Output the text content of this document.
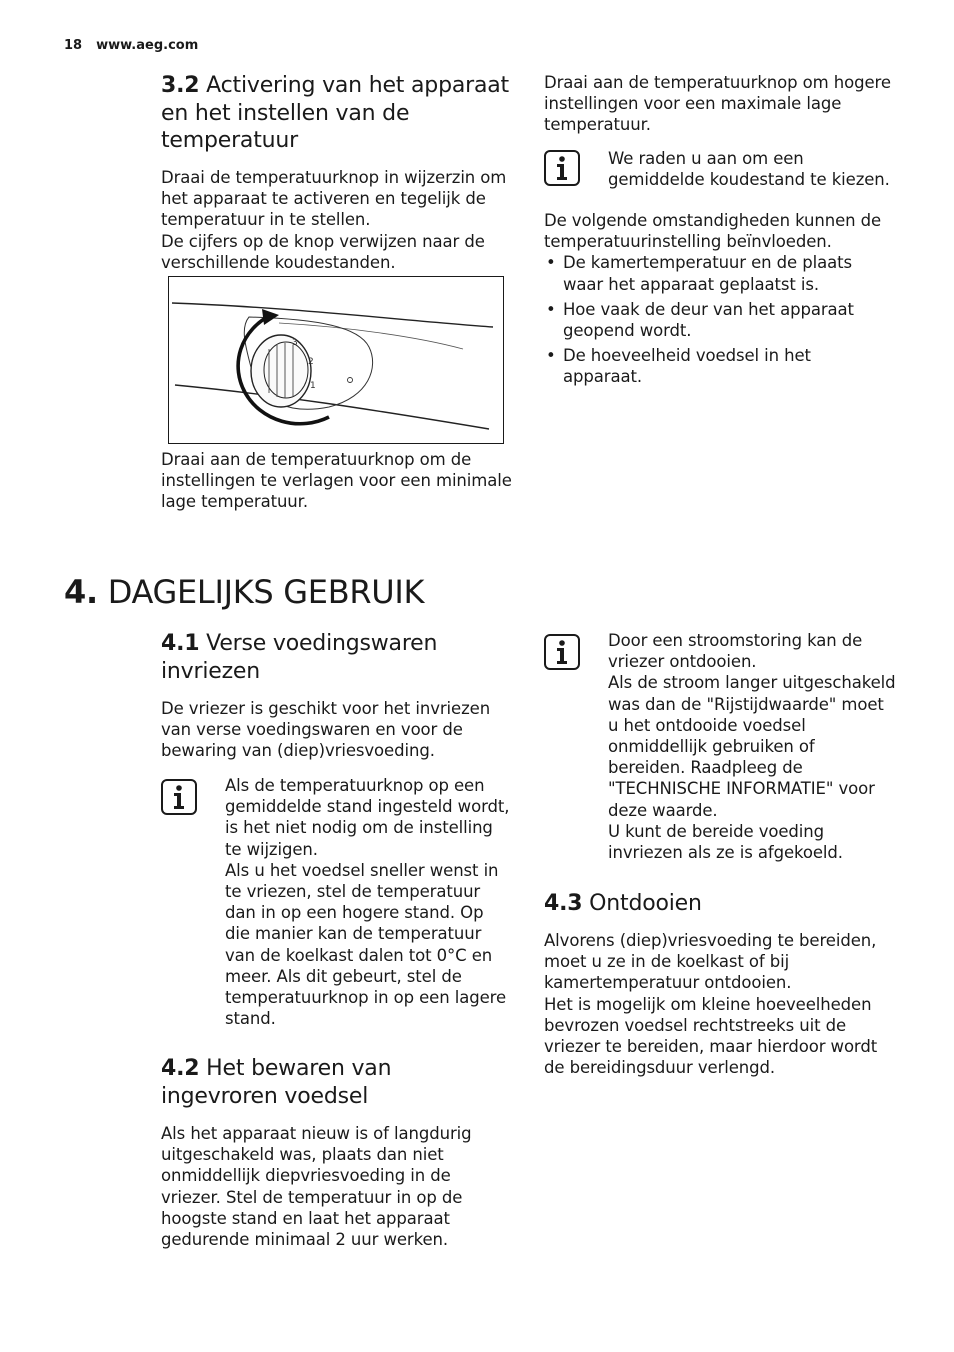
18 www.aeg.com
3.2 Activering van het apparaat en het instellen van de temperatuur

Draai de temperatuurknop in wijzerzin om het apparaat te activeren en tegelijk de temperatuur in te stellen.

De cijfers op de knop verwijzen naar de verschillende koudestanden.

3
2
1

Draai aan de temperatuurknop om de instellingen te verlagen voor een minimale lage temperatuur.

Draai aan de temperatuurknop om hogere instellingen voor een maximale lage temperatuur.

We raden u aan om een gemiddelde koudestand te kiezen.

De volgende omstandigheden kunnen de temperatuurinstelling beïnvloeden.

• De kamertemperatuur en de plaats waar het apparaat geplaatst is.
• Hoe vaak de deur van het apparaat geopend wordt.
• De hoeveelheid voedsel in het apparaat.
4. DAGELIJKS GEBRUIK
4.1 Verse voedingswaren invriezen

De vriezer is geschikt voor het invriezen van verse voedingswaren en voor de bewaring van (diep)vriesvoeding.

Als de temperatuurknop op een gemiddelde stand ingesteld wordt, is het niet nodig om de instelling te wijzigen.

Als u het voedsel sneller wenst in te vriezen, stel de temperatuur dan in op een hogere stand. Op die manier kan de temperatuur van de koelkast dalen tot 0°C en meer. Als dit gebeurt, stel de temperatuurknop in op een lagere stand.

4.2 Het bewaren van ingevroren voedsel

Als het apparaat nieuw is of langdurig uitgeschakeld was, plaats dan niet onmiddellijk diepvriesvoeding in de vriezer. Stel de temperatuur in op de hoogste stand en laat het apparaat gedurende minimaal 2 uur werken.

Door een stroomstoring kan de vriezer ontdooien.

Als de stroom langer uitgeschakeld was dan de "Rijstijdwaarde" moet u het ontdooide voedsel onmiddellijk gebruiken of bereiden. Raadpleeg de "TECHNISCHE INFORMATIE" voor deze waarde.

U kunt de bereide voeding invriezen als ze is afgekoeld.

4.3 Ontdooien

Alvorens (diep)vriesvoeding te bereiden, moet u ze in de koelkast of bij kamertemperatuur ontdooien.

Het is mogelijk om kleine hoeveelheden bevrozen voedsel rechtstreeks uit de vriezer te bereiden, maar hierdoor wordt de bereidingsduur verlengd.
